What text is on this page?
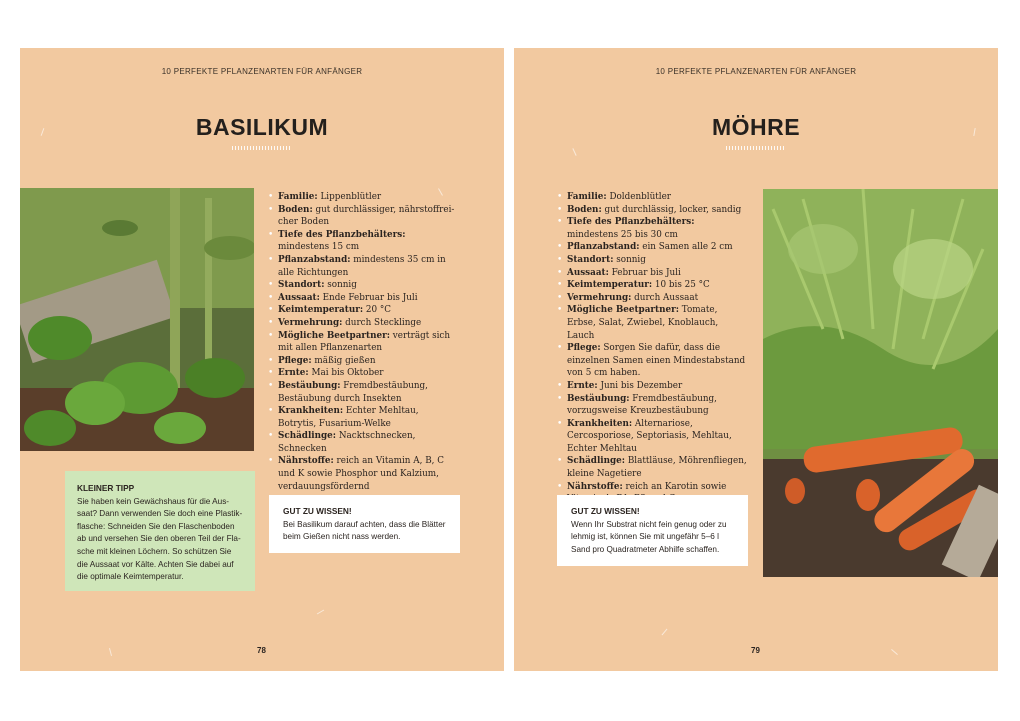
10 PERFEKTE PFLANZENARTEN FÜR ANFÄNGER
BASILIKUM
• Familie: Lippenblütler
• Boden: gut durchlässiger, nährstoffreicher Boden
• Tiefe des Pflanzbehälters: mindestens 15 cm
• Pflanzabstand: mindestens 35 cm in alle Richtungen
• Standort: sonnig
• Aussaat: Ende Februar bis Juli
• Keimtemperatur: 20 °C
• Vermehrung: durch Stecklinge
• Mögliche Beetpartner: verträgt sich mit allen Pflanzenarten
• Pflege: mäßig gießen
• Ernte: Mai bis Oktober
• Bestäubung: Fremdbestäubung, Bestäubung durch Insekten
• Krankheiten: Echter Mehltau, Botrytis, Fusarium-Welke
• Schädlinge: Nacktschnecken, Schnecken
• Nährstoffe: reich an Vitamin A, B, C und K sowie Phosphor und Kalzium, verdauungsfördernd
KLEINER TIPP
Sie haben kein Gewächshaus für die Aussaat? Dann verwenden Sie doch eine Plastikflasche: Schneiden Sie den Flaschenboden ab und versehen Sie den oberen Teil der Flasche mit kleinen Löchern. So schützen Sie die Aussaat vor Kälte. Achten Sie dabei auf die optimale Keimtemperatur.
GUT ZU WISSEN!
Bei Basilikum darauf achten, dass die Blätter beim Gießen nicht nass werden.
78
10 PERFEKTE PFLANZENARTEN FÜR ANFÄNGER
MÖHRE
• Familie: Doldenblütler
• Boden: gut durchlässig, locker, sandig
• Tiefe des Pflanzbehälters: mindestens 25 bis 30 cm
• Pflanzabstand: ein Samen alle 2 cm
• Standort: sonnig
• Aussaat: Februar bis Juli
• Keimtemperatur: 10 bis 25 °C
• Vermehrung: durch Aussaat
• Mögliche Beetpartner: Tomate, Erbse, Salat, Zwiebel, Knoblauch, Lauch
• Pflege: Sorgen Sie dafür, dass die einzelnen Samen einen Mindestabstand von 5 cm haben.
• Ernte: Juni bis Dezember
• Bestäubung: Fremdbestäubung, vorzugsweise Kreuzbestäubung
• Krankheiten: Alternariose, Cercosporiose, Septoriasis, Mehltau, Echter Mehltau
• Schädlinge: Blattläuse, Möhrenfliegen, kleine Nagetiere
• Nährstoffe: reich an Karotin sowie
GUT ZU WISSEN!
Wenn Ihr Substrat nicht fein genug oder zu lehmig ist, können Sie mit ungefähr 5–6 l Sand pro Quadratmeter Abhilfe schaffen.
79
